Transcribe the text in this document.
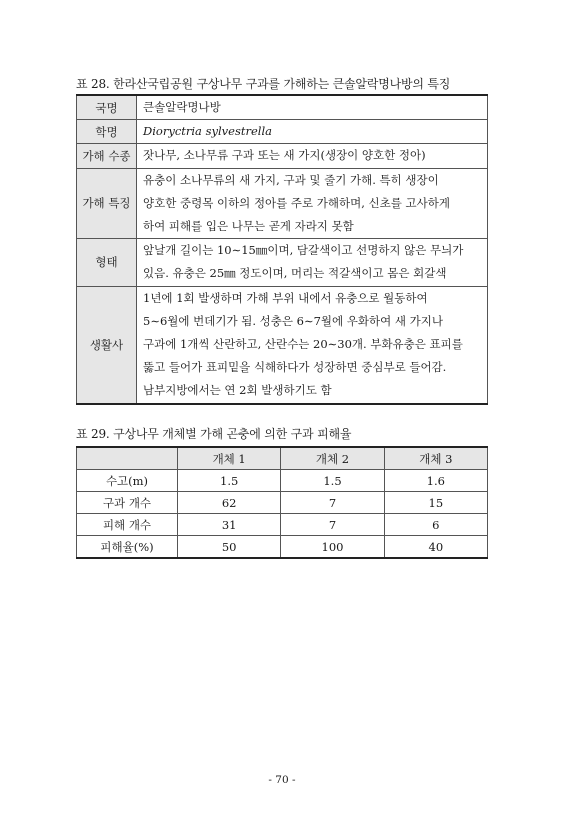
표 28. 한라산국립공원 구상나무 구과를 가해하는 큰솔알락명나방의 특징
국명	큰솔알락명나방
학명	Dioryctria sylvestrella
가해 수종	잣나무, 소나무류 구과 또는 새 가지(생장이 양호한 정아)
가해 특징	유충이 소나무류의 새 가지, 구과 및 줄기 가해. 특히 생장이
양호한 중령목 이하의 정아를 주로 가해하며, 신초를 고사하게
하여 피해를 입은 나무는 곧게 자라지 못함

형태	앞날개 길이는 10∼15㎜이며, 담갈색이고 선명하지 않은 무늬가
있음. 유충은 25㎜ 정도이며, 머리는 적갈색이고 몸은 회갈색

생활사	1년에 1회 발생하며 가해 부위 내에서 유충으로 월동하여
5∼6월에 번데기가 됨. 성충은 6∼7월에 우화하여 새 가지나
구과에 1개씩 산란하고, 산란수는 20∼30개. 부화유충은 표피를
뚫고 들어가 표피밑을 식해하다가 성장하면 중심부로 들어감.
남부지방에서는 연 2회 발생하기도 함
표 29. 구상나무 개체별 가해 곤충에 의한 구과 피해율
	개체 1	개체 2	개체 3
수고(m)	1.5	1.5	1.6
구과 개수	62	7	15
피해 개수	31	7	6
피해율(%)	50	100	40
- 70 -
